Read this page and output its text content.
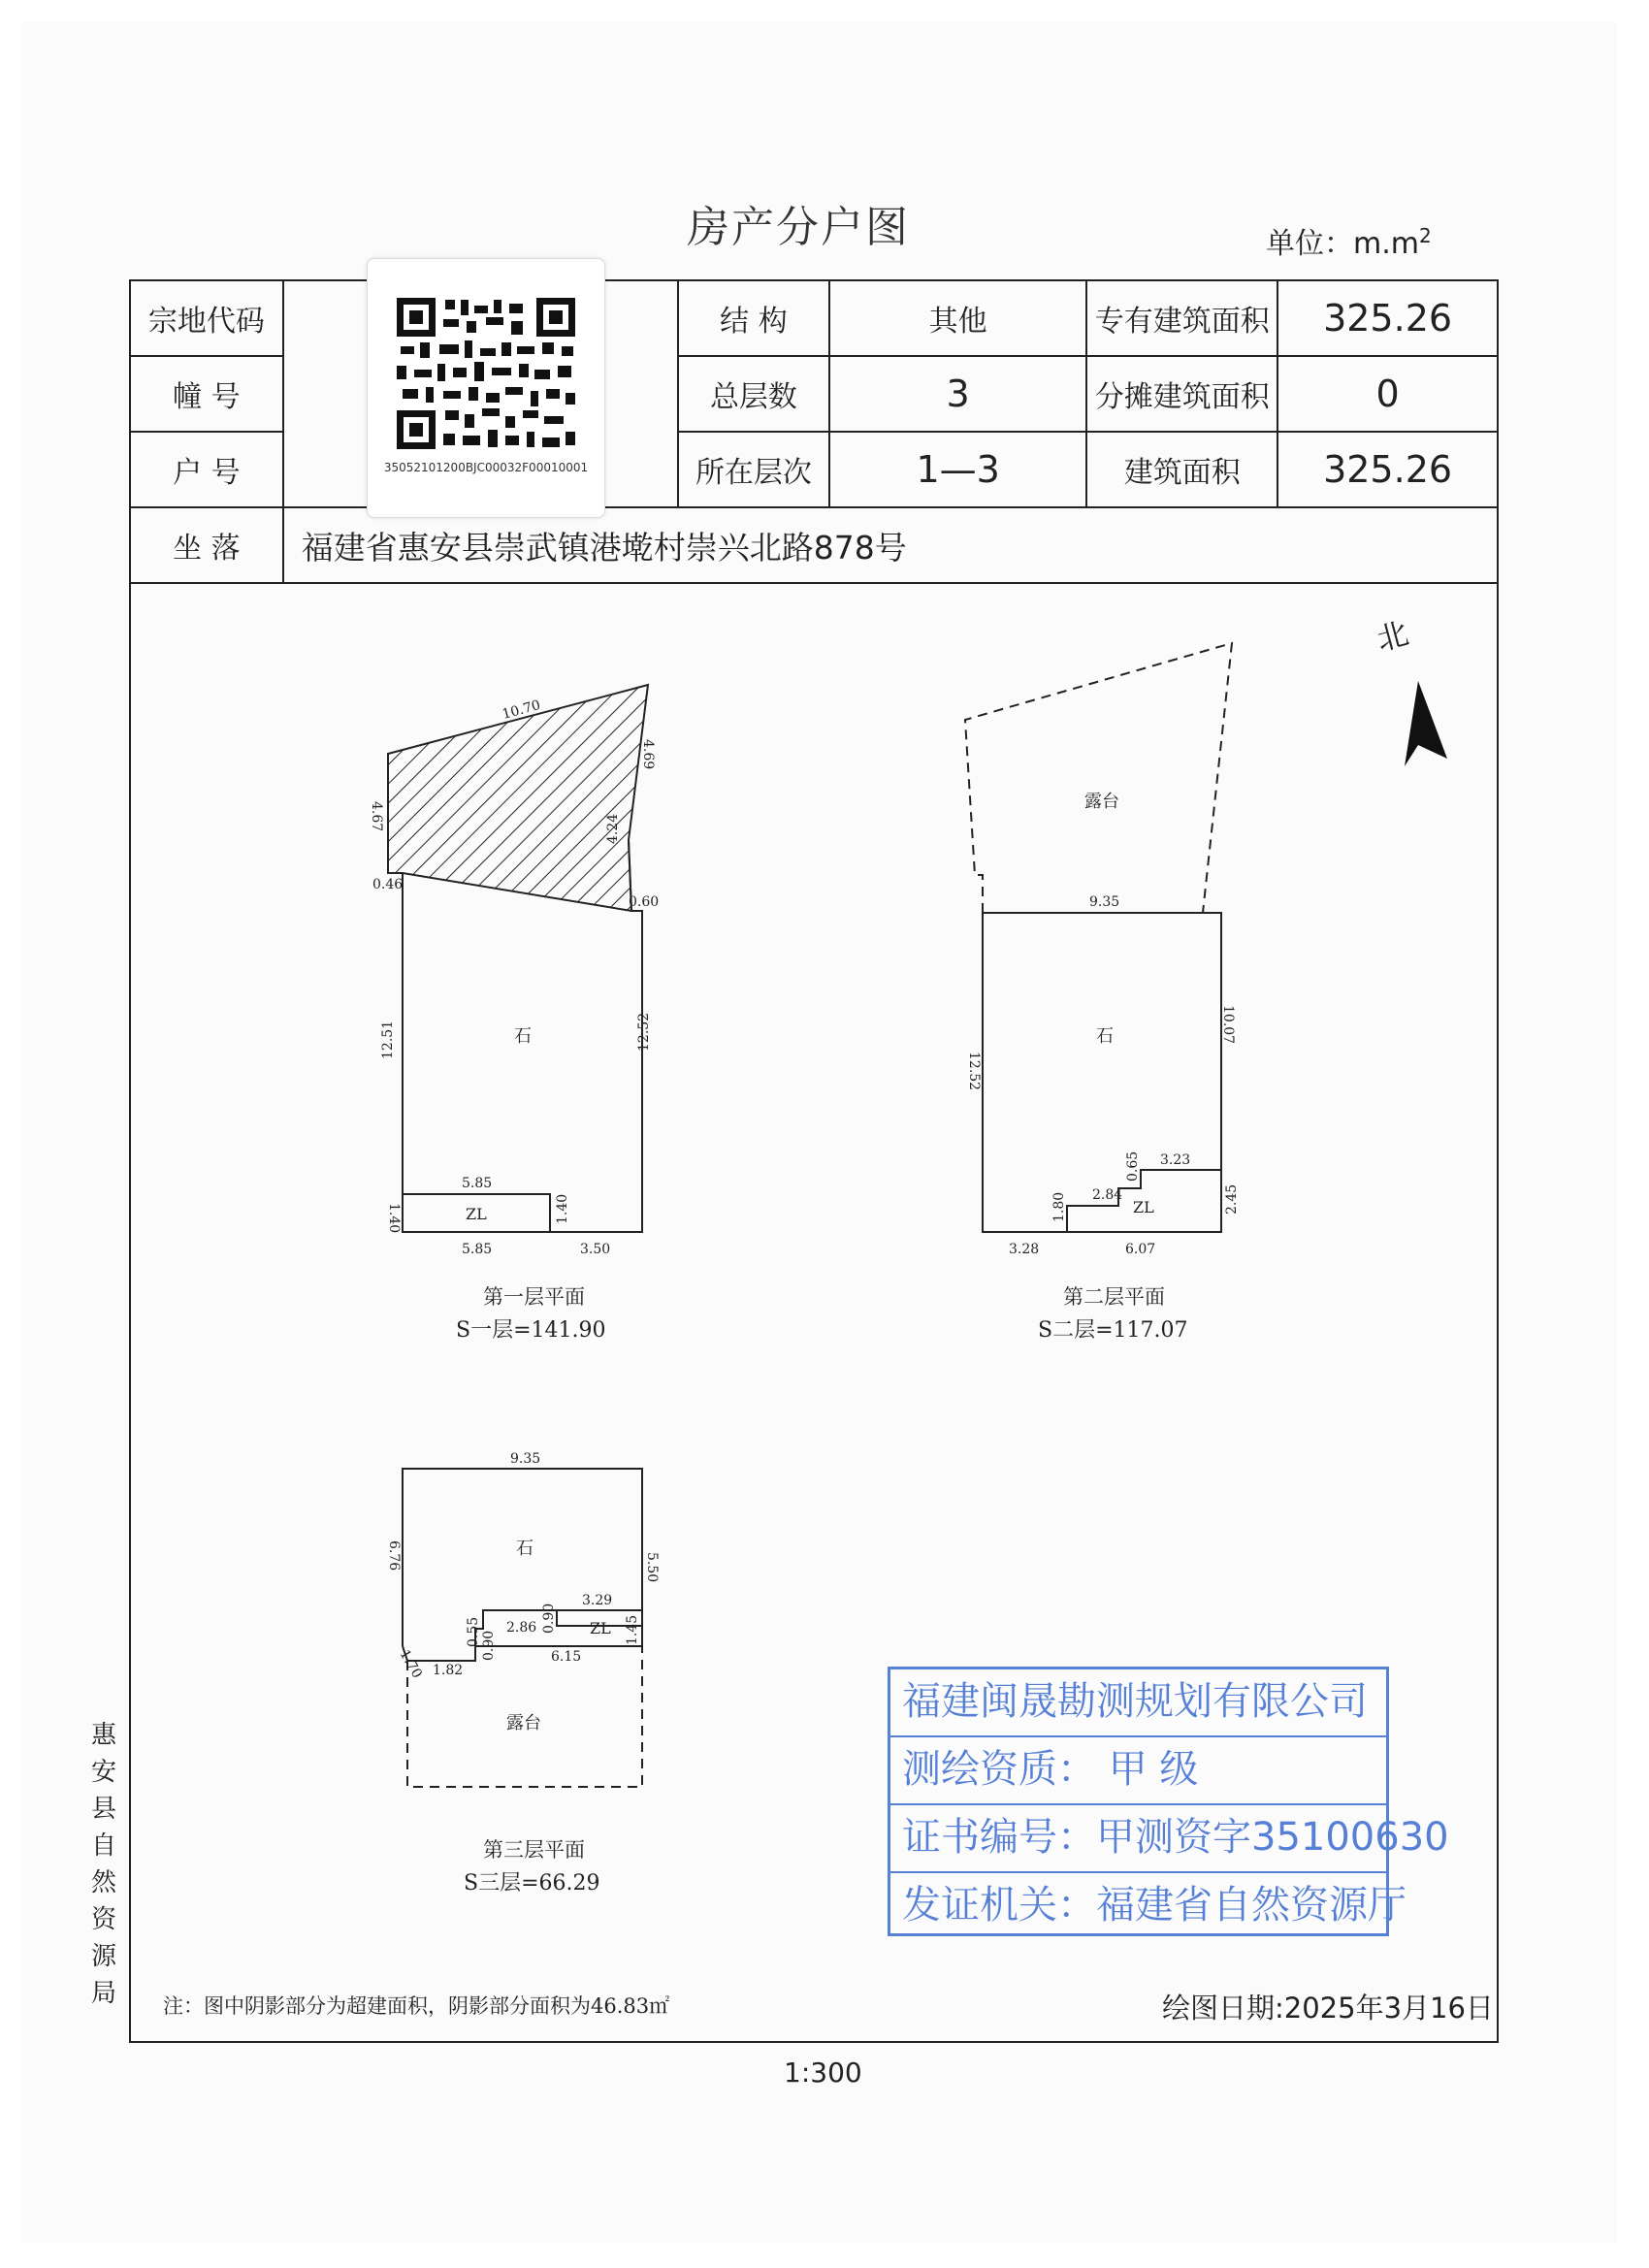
房产分户图	单位：$m.m^2$
宗地代码		结 构	其他	专有建筑面积	325.26
幢 号		总层数	3	分摊建筑面积	0
户 号		所在层次	1—3	建筑面积	325.26
坐 落	福建省惠安县崇武镇港墘村崇兴北路878号				
35052101200BJC00032F00010001
北
10.70
4.69
4.67
0.46
4.24
0.60
12.51	12.52
5.85
1.40	1.40
5.85	3.50
石
ZL
第一层平面
S一层=141.90
9.35
12.52
10.07
0.65 3.23
2.84
1.80	2.45
3.28	6.07
露台
石
ZL
第二层平面
S二层=117.07
9.35
6.76	5.50
3.29
0.90
2.86
0.55	1.45
1.70 1.82
0.90	6.15
石
ZL
露台
第三层平面
S三层=66.29
惠
安
县
自
然
资
源
局
福建闽晟勘测规划有限公司
测绘资质： 甲 级
证书编号：甲测资字35100630
发证机关：福建省自然资源厅
注：图中阴影部分为超建面积，阴影部分面积为46.83㎡	绘图日期:2025年3月16日
1:300
